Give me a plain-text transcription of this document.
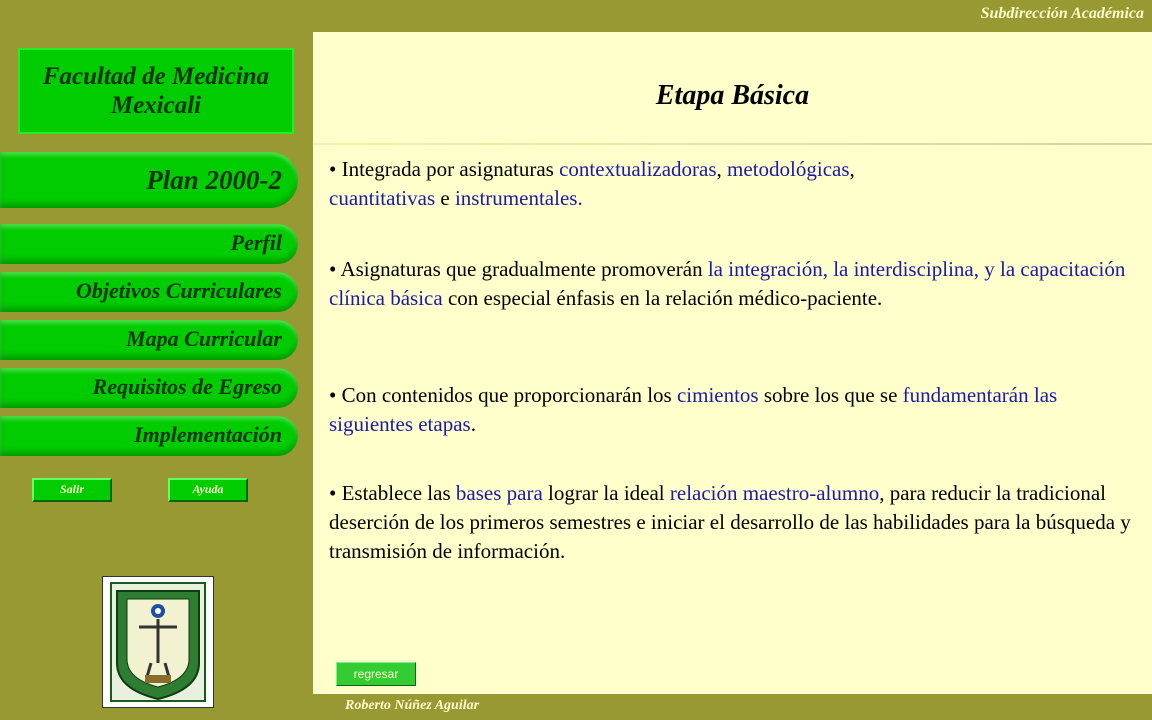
Subdirección Académica
Facultad de Medicina
Mexicali
Plan 2000-2
Perfil
Objetivos Curriculares
Mapa Curricular
Requisitos de Egreso
Implementación
Salir	Ayuda
Etapa Básica

• Integrada por asignaturas contextualizadoras, metodológicas,
cuantitativas e instrumentales.

• Asignaturas que gradualmente promoverán la integración, la interdisciplina, y la capacitación clínica básica con especial énfasis en la relación médico-paciente.

• Con contenidos que proporcionarán los cimientos sobre los que se fundamentarán las siguientes etapas.

• Establece las bases para lograr la ideal relación maestro-alumno, para reducir la tradicional deserción de los primeros semestres e iniciar el desarrollo de las habilidades para la búsqueda y transmisión de información.

regresar
Roberto Núñez Aguilar
